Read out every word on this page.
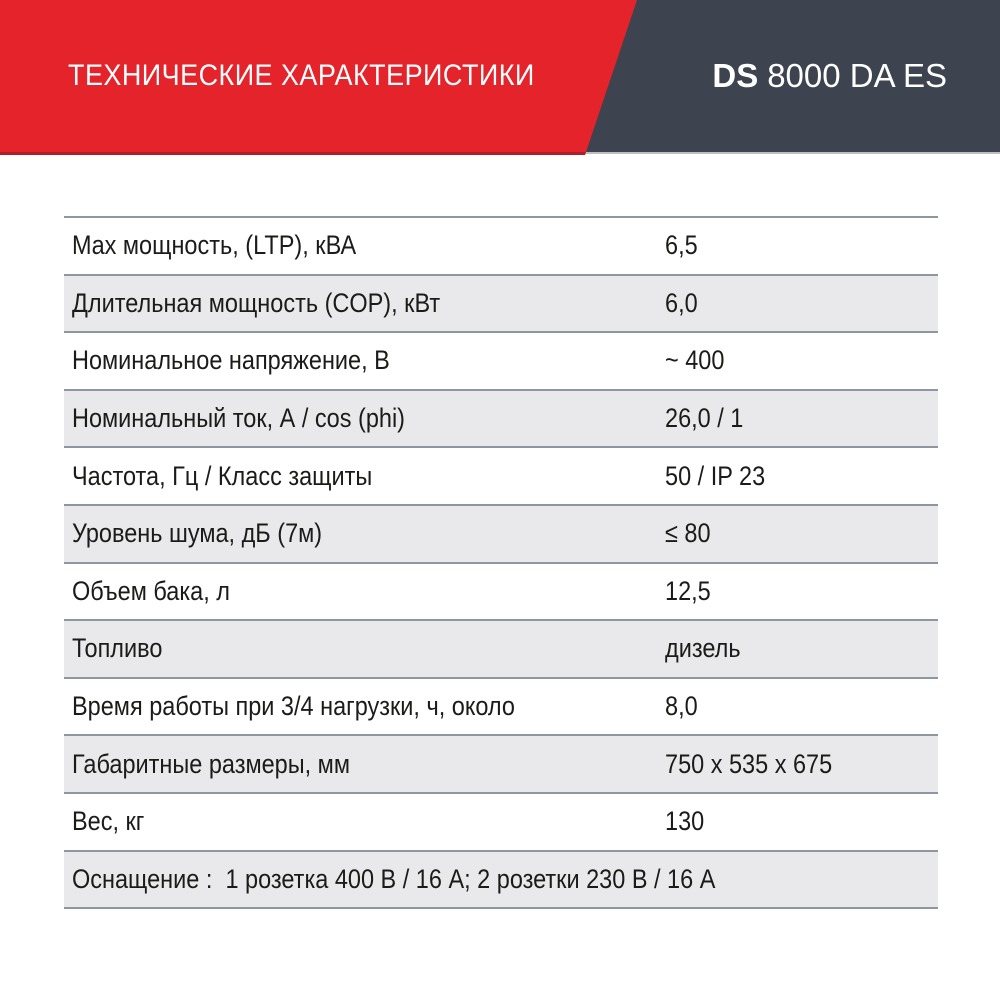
ТЕХНИЧЕСКИЕ ХАРАКТЕРИСТИКИ	DS 8000 DA ES
Max мощность, (LTP), кВА	6,5
Длительная мощность (COP), кВт	6,0
Номинальное напряжение, В	~ 400
Номинальный ток, А / cos (phi)	26,0 / 1
Частота, Гц / Класс защиты	50 / IP 23
Уровень шума, дБ (7м)	≤ 80
Объем бака, л	12,5
Топливо	дизель
Время работы при 3/4 нагрузки, ч, около	8,0
Габаритные размеры, мм	750 x 535 x 675
Вес, кг	130
Оснащение :  1 розетка 400 В / 16 А; 2 розетки 230 В / 16 А
